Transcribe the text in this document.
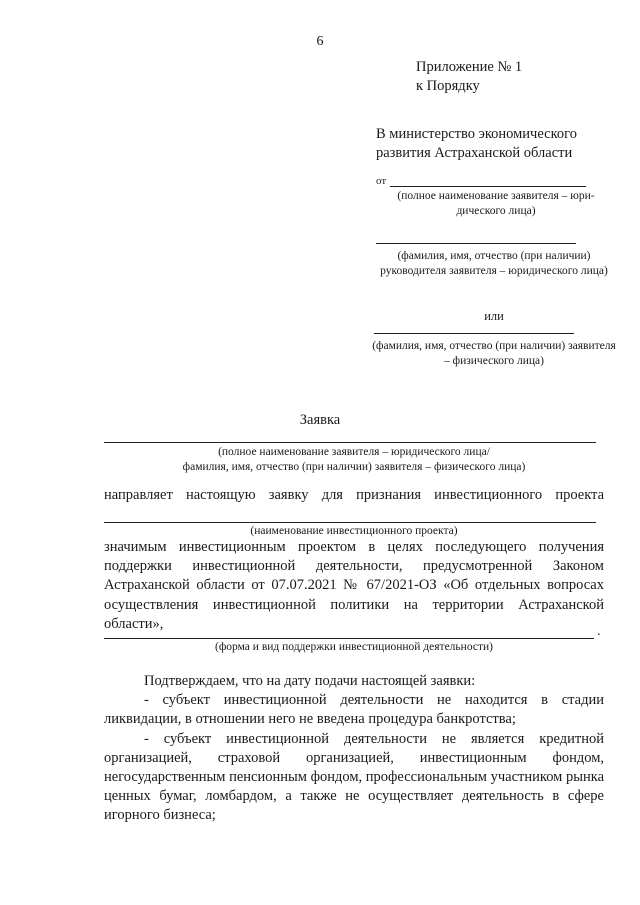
6
Приложение № 1
к Порядку
В министерство экономического
развития Астраханской области
от
(полное наименование заявителя – юри-дического лица)
(фамилия, имя, отчество (при наличии) руководителя заявителя – юридического лица)
или
(фамилия, имя, отчество (при наличии) заявителя – физического лица)
Заявка
(полное наименование заявителя – юридического лица/
фамилия, имя, отчество (при наличии) заявителя – физического лица)
направляет настоящую заявку для признания инвестиционного проекта
(наименование инвестиционного проекта)
значимым инвестиционным проектом в целях последующего получения поддержки инвестиционной деятельности, предусмотренной Законом Астраханской области от 07.07.2021 № 67/2021-ОЗ «Об отдельных вопросах осуществления инвестиционной политики на территории Астраханской области»,	.
(форма и вид поддержки инвестиционной деятельности)
Подтверждаем, что на дату подачи настоящей заявки:
- субъект инвестиционной деятельности не находится в стадии ликвидации, в отношении него не введена процедура банкротства;
- субъект инвестиционной деятельности не является кредитной организацией, страховой организацией, инвестиционным фондом, негосударственным пенсионным фондом, профессиональным участником рынка ценных бумаг, ломбардом, а также не осуществляет деятельность в сфере игорного бизнеса;
